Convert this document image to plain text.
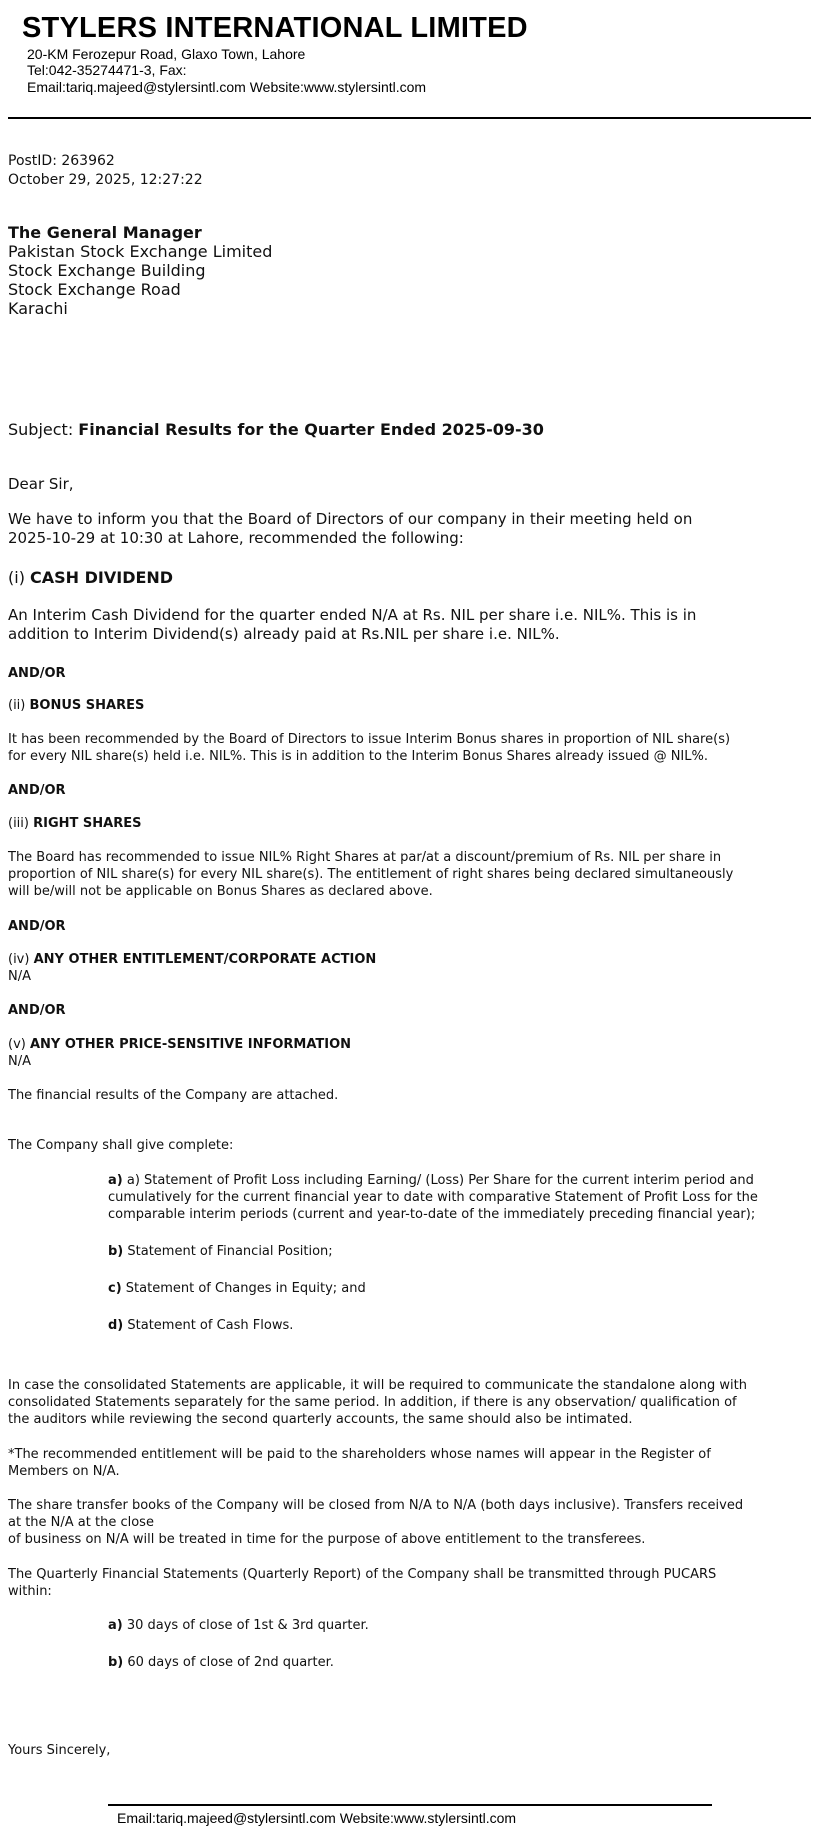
STYLERS INTERNATIONAL LIMITED
20-KM Ferozepur Road, Glaxo Town, Lahore
Tel:042-35274471-3, Fax:
Email:tariq.majeed@stylersintl.com Website:www.stylersintl.com
PostID: 263962
October 29, 2025, 12:27:22
The General Manager
Pakistan Stock Exchange Limited
Stock Exchange Building
Stock Exchange Road
Karachi
Subject: Financial Results for the Quarter Ended 2025-09-30
Dear Sir,
We have to inform you that the Board of Directors of our company in their meeting held on
2025-10-29 at 10:30 at Lahore, recommended the following:
(i) CASH DIVIDEND
An Interim Cash Dividend for the quarter ended N/A at Rs. NIL per share i.e. NIL%. This is in
addition to Interim Dividend(s) already paid at Rs.NIL per share i.e. NIL%.
AND/OR
(ii) BONUS SHARES
It has been recommended by the Board of Directors to issue Interim Bonus shares in proportion of NIL share(s)
for every NIL share(s) held i.e. NIL%. This is in addition to the Interim Bonus Shares already issued @ NIL%.
AND/OR
(iii) RIGHT SHARES
The Board has recommended to issue NIL% Right Shares at par/at a discount/premium of Rs. NIL per share in
proportion of NIL share(s) for every NIL share(s). The entitlement of right shares being declared simultaneously
will be/will not be applicable on Bonus Shares as declared above.
AND/OR
(iv) ANY OTHER ENTITLEMENT/CORPORATE ACTION
N/A
AND/OR
(v) ANY OTHER PRICE-SENSITIVE INFORMATION
N/A
The financial results of the Company are attached.
The Company shall give complete:
a) a) Statement of Profit Loss including Earning/ (Loss) Per Share for the current interim period and
cumulatively for the current financial year to date with comparative Statement of Profit Loss for the
comparable interim periods (current and year-to-date of the immediately preceding financial year);
b) Statement of Financial Position;
c) Statement of Changes in Equity; and
d) Statement of Cash Flows.
In case the consolidated Statements are applicable, it will be required to communicate the standalone along with
consolidated Statements separately for the same period. In addition, if there is any observation/ qualification of
the auditors while reviewing the second quarterly accounts, the same should also be intimated.
*The recommended entitlement will be paid to the shareholders whose names will appear in the Register of
Members on N/A.
The share transfer books of the Company will be closed from N/A to N/A (both days inclusive). Transfers received
at the N/A at the close
of business on N/A will be treated in time for the purpose of above entitlement to the transferees.
The Quarterly Financial Statements (Quarterly Report) of the Company shall be transmitted through PUCARS
within:
a) 30 days of close of 1st & 3rd quarter.
b) 60 days of close of 2nd quarter.
Yours Sincerely,
Email:tariq.majeed@stylersintl.com Website:www.stylersintl.com
